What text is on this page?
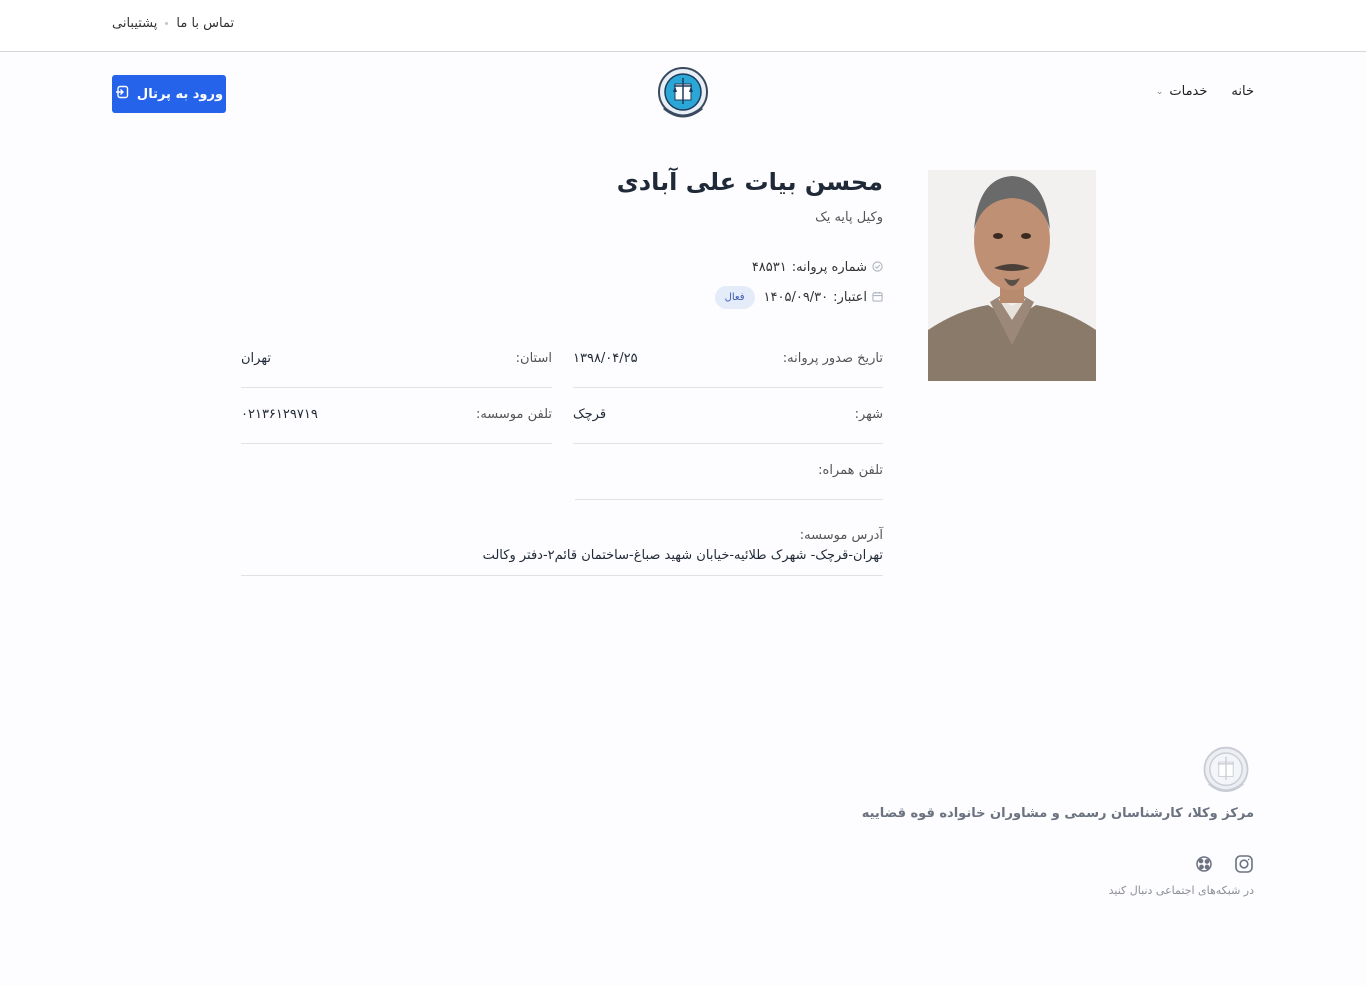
پشتیبانی تماس با ما
خانه
خدمات
⌄
ورود به پرتال
محسن بیات علی آبادی
وکیل پایه یک
شماره پروانه:
۴۸۵۳۱
اعتبار:
۱۴۰۵/۰۹/۳۰
فعال
تاریخ صدور پروانه:
۱۳۹۸/۰۴/۲۵
استان:
تهران
شهر:
قرچک
تلفن موسسه:
۰۲۱۳۶۱۲۹۷۱۹
تلفن همراه:
آدرس موسسه:
تهران-قرچک- شهرک طلائیه-خیابان شهید صباغ-ساختمان قائم۲-دفتر وکالت
مرکز وکلا، کارشناسان رسمی و مشاوران خانواده قوه قضاییه
در شبکه‌های اجتماعی دنبال کنید
